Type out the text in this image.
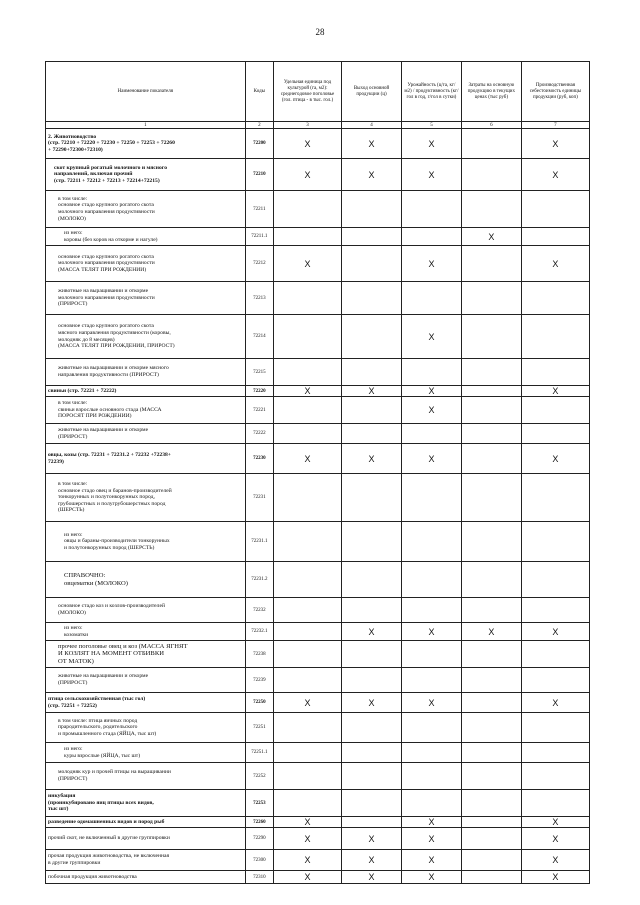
28
Наименование показателя	Коды	Удельная единица под культурой (га, м2): среднегодовое поголовье (гол. птица - в тыс. гол.)	Выход основной продукции (ц)	Урожайность (ц/га, кг/м2) / продуктивность (кг/гол в год, г/гол в сутки)	Затраты на основную продукцию в текущих ценах (тыс руб)	Производственная себестоимость единицы продукции (руб, коп)
1	2	3	4	5	6	7

2. Животноводство
(стр. 72210 + 72220 + 72230 + 72250 + 72253 + 72260
+ 72290+72300+72310)	72200	X	X	X		X

скот крупный рогатый молочного и мясного
направлений, включая прочий
(стр. 72211 + 72212 + 72213 + 72214+72215)	72210	X	X	X		X

в том числе:
основное стадо крупного рогатого скота
молочного направления продуктивности
(МОЛОКО)	72211					

из него:
коровы (без коров на откорме и нагуле)	72211.1				X	

основное стадо крупного рогатого скота
молочного направления продуктивности
(МАССА ТЕЛЯТ ПРИ РОЖДЕНИИ)	72212	X		X		X

животные на выращивании и откорме
молочного направления продуктивности
(ПРИРОСТ)	72213					

основное стадо крупного рогатого скота
мясного направления продуктивности (коровы,
молодняк до 8 месяцев)
(МАССА ТЕЛЯТ ПРИ РОЖДЕНИИ, ПРИРОСТ)	72214			X		

животные на выращивании и откорме мясного
направления продуктивности (ПРИРОСТ)	72215					

свиньи (стр. 72221 + 72222)	72220	X	X	X		X

в том числе:
свиньи взрослые основного стада (МАССА
ПОРОСЯТ ПРИ РОЖДЕНИИ)	72221			X		

животные на выращивании и откорме
(ПРИРОСТ)	72222					

овцы, козы (стр. 72231 + 72231.2 + 72232 +72238+
72239)	72230	X	X	X		X

в том числе:
основное стадо овец и баранов-производителей
тонкорунных и полутонкорунных пород,
грубошерстных и полугрубошерстных пород
(ШЕРСТЬ)	72231					

из него:
овцы и бараны-производители тонкорунных
и полутонкорунных пород (ШЕРСТЬ)	72231.1					

СПРАВОЧНО:
овцематки (МОЛОКО)	72231.2					

основное стадо коз и козлов-производителей
(МОЛОКО)	72232					

из него:
козоматки	72232.1		X	X	X	X

прочее поголовье овец и коз (МАССА ЯГНЯТ
И КОЗЛЯТ НА МОМЕНТ ОТБИВКИ
ОТ МАТОК)	72238					

животные на выращивании и откорме
(ПРИРОСТ)	72239					

птица сельскохозяйственная (тыс гол)
(стр. 72251 + 72252)	72250	X	X	X		X

в том числе: птица яичных пород
прародительского, родительского
и промышленного стада (ЯЙЦА, тыс шт)	72251					

из него:
куры взрослые (ЯЙЦА, тыс шт)	72251.1					

молодняк кур и прочей птицы на выращивании
(ПРИРОСТ)	72252					

инкубация
(проинкубировано яиц птицы всех видов,
тыс шт)	72253					

разведение одомашненных видов и пород рыб	72260	X		X		X

прочий скот, не включенный в другие группировки	72290	X	X	X		X

прочая продукция животноводства, не включенная
в другие группировки	72300	X	X	X		X

побочная продукция животноводства	72310	X	X	X		X
